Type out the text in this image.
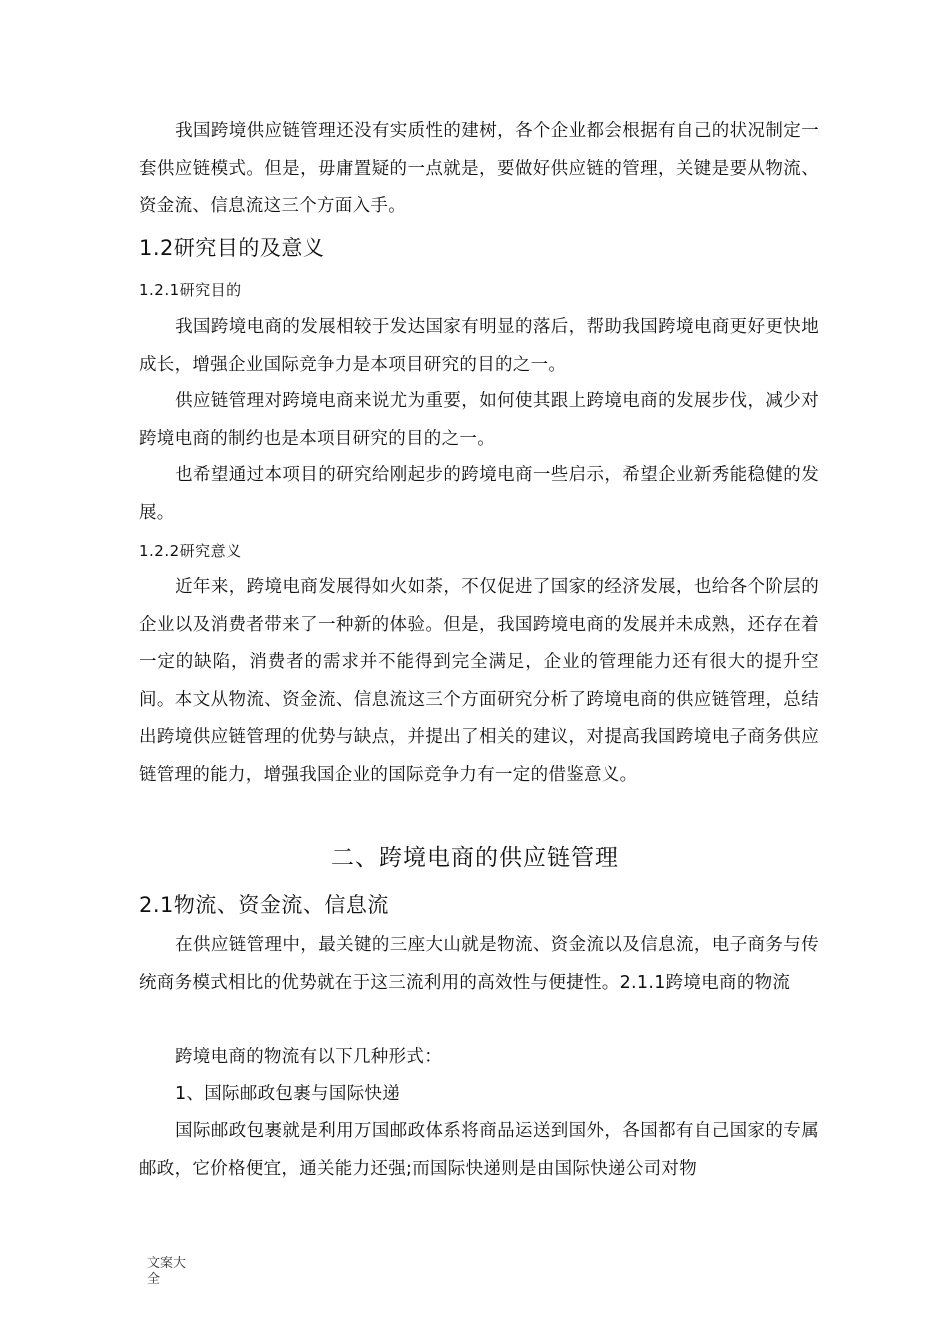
我国跨境供应链管理还没有实质性的建树，各个企业都会根据有自己的状况制定一套供应链模式。但是，毋庸置疑的一点就是，要做好供应链的管理，关键是要从物流、资金流、信息流这三个方面入手。

1.2研究目的及意义
1.2.1研究目的

我国跨境电商的发展相较于发达国家有明显的落后，帮助我国跨境电商更好更快地成长，增强企业国际竞争力是本项目研究的目的之一。

供应链管理对跨境电商来说尤为重要，如何使其跟上跨境电商的发展步伐，减少对跨境电商的制约也是本项目研究的目的之一。

也希望通过本项目的研究给刚起步的跨境电商一些启示，希望企业新秀能稳健的发展。

1.2.2研究意义

近年来，跨境电商发展得如火如荼，不仅促进了国家的经济发展，也给各个阶层的企业以及消费者带来了一种新的体验。但是，我国跨境电商的发展并未成熟，还存在着一定的缺陷，消费者的需求并不能得到完全满足，企业的管理能力还有很大的提升空间。本文从物流、资金流、信息流这三个方面研究分析了跨境电商的供应链管理，总结出跨境供应链管理的优势与缺点，并提出了相关的建议，对提高我国跨境电子商务供应链管理的能力，增强我国企业的国际竞争力有一定的借鉴意义。

二、跨境电商的供应链管理
2.1物流、资金流、信息流

在供应链管理中，最关键的三座大山就是物流、资金流以及信息流，电子商务与传统商务模式相比的优势就在于这三流利用的高效性与便捷性。2.1.1跨境电商的物流

跨境电商的物流有以下几种形式：

1、国际邮政包裹与国际快递

国际邮政包裹就是利用万国邮政体系将商品运送到国外，各国都有自己国家的专属邮政，它价格便宜，通关能力还强;而国际快递则是由国际快递公司对物

文案大全
